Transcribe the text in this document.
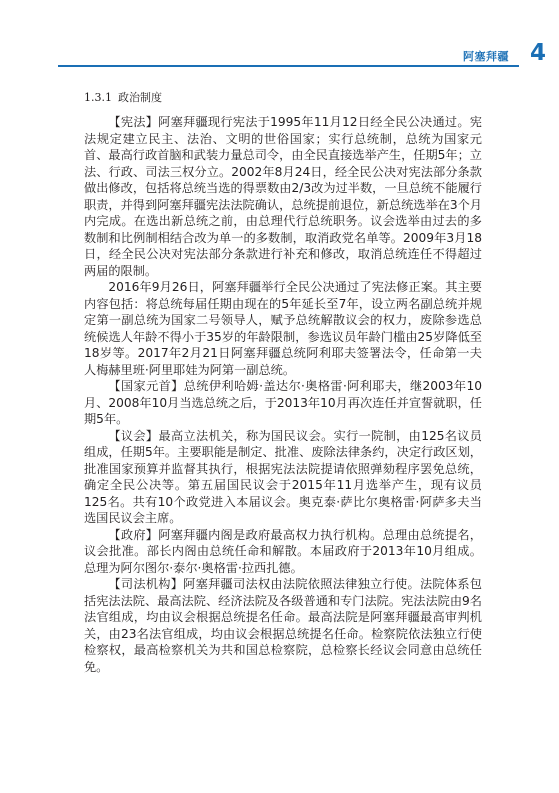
阿塞拜疆 4
1.3.1 政治制度

【宪法】阿塞拜疆现行宪法于1995年11月12日经全民公决通过。宪法规定建立民主、法治、文明的世俗国家；实行总统制，总统为国家元首、最高行政首脑和武装力量总司令，由全民直接选举产生，任期5年；立法、行政、司法三权分立。2002年8月24日，经全民公决对宪法部分条款做出修改，包括将总统当选的得票数由2/3改为过半数，一旦总统不能履行职责，并得到阿塞拜疆宪法法院确认，总统提前退位，新总统选举在3个月内完成。在选出新总统之前，由总理代行总统职务。议会选举由过去的多数制和比例制相结合改为单一的多数制，取消政党名单等。2009年3月18日，经全民公决对宪法部分条款进行补充和修改，取消总统连任不得超过两届的限制。

2016年9月26日，阿塞拜疆举行全民公决通过了宪法修正案。其主要内容包括：将总统每届任期由现在的5年延长至7年，设立两名副总统并规定第一副总统为国家二号领导人，赋予总统解散议会的权力，废除参选总统候选人年龄不得小于35岁的年龄限制，参选议员年龄门槛由25岁降低至18岁等。2017年2月21日阿塞拜疆总统阿利耶夫签署法令，任命第一夫人梅赫里班·阿里耶娃为阿第一副总统。

【国家元首】总统伊利哈姆·盖达尔·奥格雷·阿利耶夫，继2003年10月、2008年10月当选总统之后，于2013年10月再次连任并宣誓就职，任期5年。

【议会】最高立法机关，称为国民议会。实行一院制，由125名议员组成，任期5年。主要职能是制定、批准、废除法律条约，决定行政区划，批准国家预算并监督其执行，根据宪法法院提请依照弹劾程序罢免总统，确定全民公决等。第五届国民议会于2015年11月选举产生，现有议员125名。共有10个政党进入本届议会。奥克泰·萨比尔奥格雷·阿萨多夫当选国民议会主席。

【政府】阿塞拜疆内阁是政府最高权力执行机构。总理由总统提名，议会批准。部长内阁由总统任命和解散。本届政府于2013年10月组成。总理为阿尔图尔·泰尔·奥格雷·拉西扎德。

【司法机构】阿塞拜疆司法权由法院依照法律独立行使。法院体系包括宪法法院、最高法院、经济法院及各级普通和专门法院。宪法法院由9名法官组成，均由议会根据总统提名任命。最高法院是阿塞拜疆最高审判机关，由23名法官组成，均由议会根据总统提名任命。检察院依法独立行使检察权，最高检察机关为共和国总检察院，总检察长经议会同意由总统任免。
